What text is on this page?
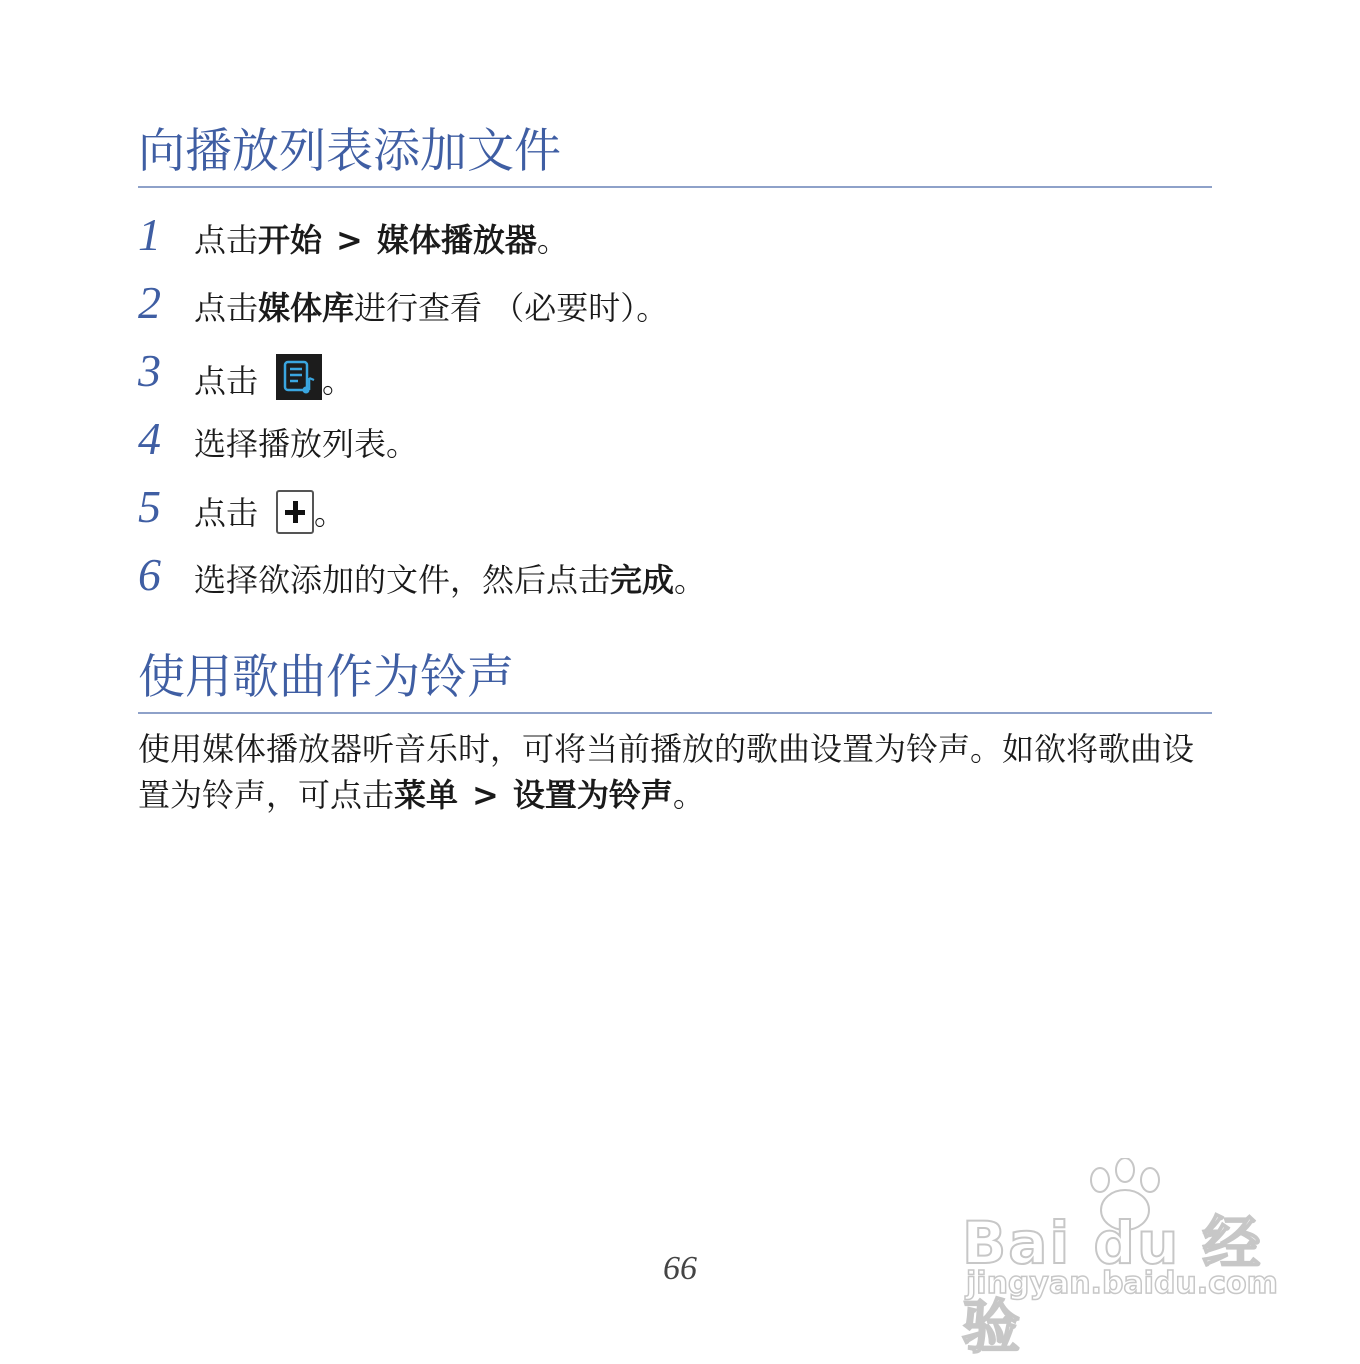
向播放列表添加文件
1	点击开始 > 媒体播放器。
2	点击媒体库进行查看 （必要时）。
3	点击 。
4	选择播放列表。
5	点击 。
6	选择欲添加的文件，然后点击完成。
使用歌曲作为铃声

使用媒体播放器听音乐时，可将当前播放的歌曲设置为铃声。如欲将歌曲设置为铃声，可点击菜单 > 设置为铃声。

66	Bai du 经验
jingyan.baidu.com
